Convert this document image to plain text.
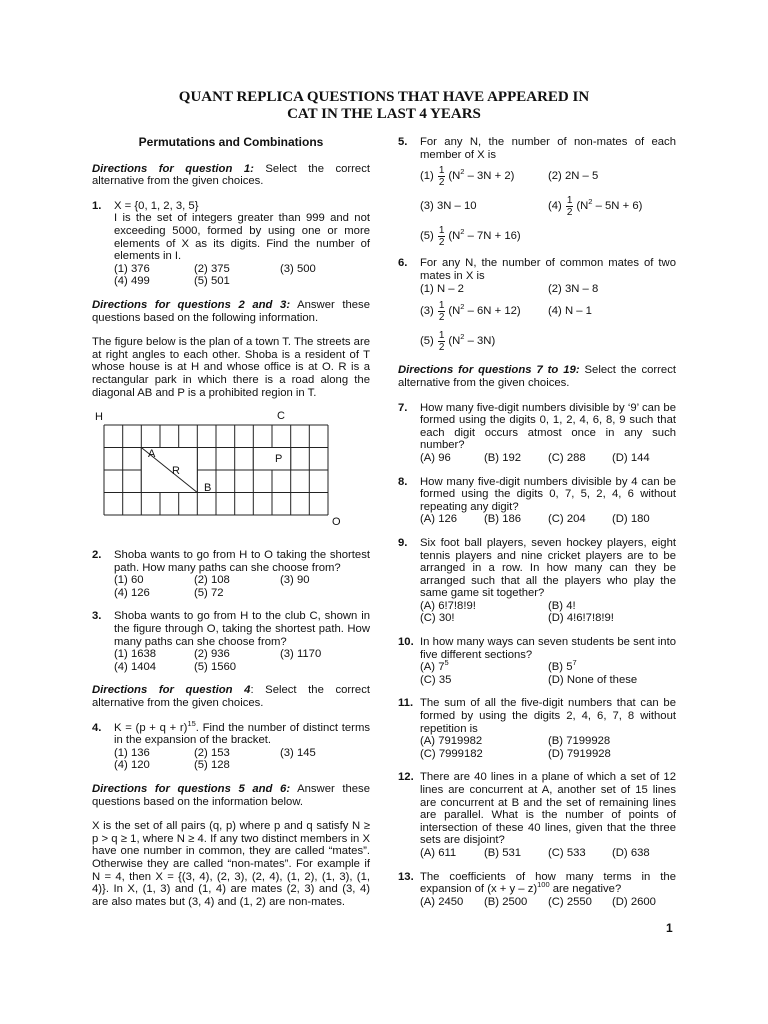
QUANT REPLICA QUESTIONS THAT HAVE APPEARED IN
CAT IN THE LAST 4 YEARS
Permutations and Combinations
Directions for question 1: Select the correct alternative from the given choices.
1. X = {0, 1, 2, 3, 5}
I is the set of integers greater than 999 and not exceeding 5000, formed by using one or more elements of X as its digits. Find the number of elements in I.
(1) 376	(2) 375	(3) 500
(4) 499	(5) 501
Directions for questions 2 and 3: Answer these questions based on the following information.

The figure below is the plan of a town T. The streets are at right angles to each other. Shoba is a resident of T whose house is at H and whose office is at O. R is a rectangular park in which there is a road along the diagonal AB and P is a prohibited region in T.

H	C
A
R
P
B
O
2. Shoba wants to go from H to O taking the shortest path. How many paths can she choose from?
(1) 60	(2) 108	(3) 90
(4) 126	(5) 72
3. Shoba wants to go from H to the club C, shown in the figure through O, taking the shortest path. How many paths can she choose from?
(1) 1638	(2) 936	(3) 1170
(4) 1404	(5) 1560
Directions for question 4: Select the correct alternative from the given choices.
4. $K = (p + q + r)^{15}$. Find the number of distinct terms in the expansion of the bracket.
(1) 136	(2) 153	(3) 145
(4) 120	(5) 128
Directions for questions 5 and 6: Answer these questions based on the information below.

X is the set of all pairs (q, p) where p and q satisfy N ≥ p > q ≥ 1, where N ≥ 4. If any two distinct members in X have one number in common, they are called “mates”. Otherwise they are called “non-mates”. For example if N = 4, then X = {(3, 4), (2, 3), (2, 4), (1, 2), (1, 3), (1, 4)}. In X, (1, 3) and (1, 4) are mates (2, 3) and (3, 4) are also mates but (3, 4) and (1, 2) are non-mates.

5. For any N, the number of non-mates of each member of X is
$(1) \frac{1}{2} (N^2 - 3N + 2)$	(2) 2N – 5
(3) 3N – 10	$(4) \frac{1}{2} (N^2 - 5N + 6)$
$(5) \frac{1}{2} (N^2 - 7N + 16)$
6. For any N, the number of common mates of two mates in X is
(1) N – 2	(2) 3N – 8
$(3) \frac{1}{2} (N^2 - 6N + 12)$ (4) N – 1
$(5) \frac{1}{2} (N^2 - 3N)$
Directions for questions 7 to 19: Select the correct alternative from the given choices.
7. How many five-digit numbers divisible by ‘9’ can be formed using the digits 0, 1, 2, 4, 6, 8, 9 such that each digit occurs atmost once in any such number?
(A) 96	(B) 192	(C) 288	(D) 144
8. How many five-digit numbers divisible by 4 can be formed using the digits 0, 7, 5, 2, 4, 6 without repeating any digit?
(A) 126	(B) 186	(C) 204	(D) 180
9. Six foot ball players, seven hockey players, eight tennis players and nine cricket players are to be arranged in a row. In how many can they be arranged such that all the players who play the same game sit together?
(A) 6!7!8!9!	(B) 4!
(C) 30!	(D) 4!6!7!8!9!
10. In how many ways can seven students be sent into five different sections?
(A) $7^5$	(B) $5^7$
(C) 35	(D) None of these
11. The sum of all the five-digit numbers that can be formed by using the digits 2, 4, 6, 7, 8 without repetition is
(A) 7919982	(B) 7199928
(C) 7999182	(D) 7919928
12. There are 40 lines in a plane of which a set of 12 lines are concurrent at A, another set of 15 lines are concurrent at B and the set of remaining lines are parallel. What is the number of points of intersection of these 40 lines, given that the three sets are disjoint?
(A) 611	(B) 531	(C) 533	(D) 638
13. The coefficients of how many terms in the expansion of $(x + y - z)^{100}$ are negative?
(A) 2450	(B) 2500	(C) 2550	(D) 2600
1
